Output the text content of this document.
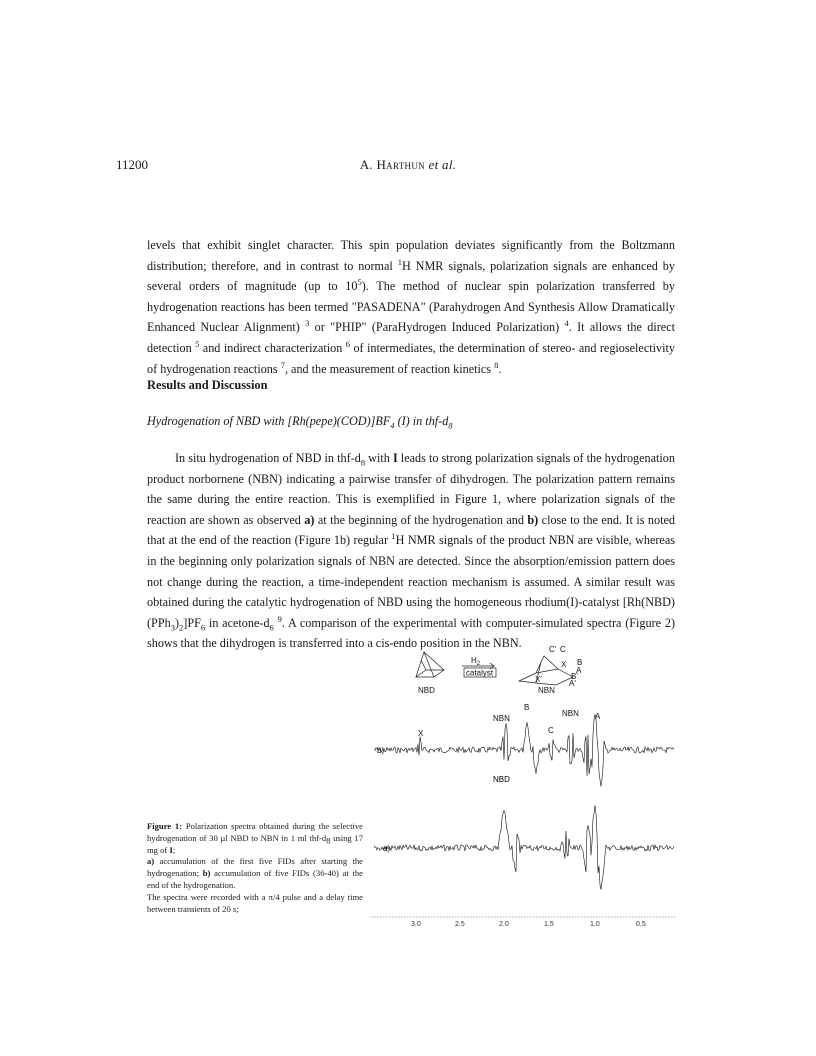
11200	A. Harthun et al.

levels that exhibit singlet character. This spin population deviates significantly from the Boltzmann distribution; therefore, and in contrast to normal $^1$H NMR signals, polarization signals are enhanced by several orders of magnitude (up to $10^5$). The method of nuclear spin polarization transferred by hydrogenation reactions has been termed "PASADENA" (Parahydrogen And Synthesis Allow Dramatically Enhanced Nuclear Alignment) $^3$ or "PHIP" (ParaHydrogen Induced Polarization) $^4$. It allows the direct detection $^5$ and indirect characterization $^6$ of intermediates, the determination of stereo- and regioselectivity of hydrogenation reactions $^7$, and the measurement of reaction kinetics $^8$.

Results and Discussion
Hydrogenation of NBD with $[Rh(pepe)(COD)]BF_4$ (I) in thf-$d_8$

In situ hydrogenation of NBD in thf-$d_8$ with I leads to strong polarization signals of the hydrogenation product norbornene (NBN) indicating a pairwise transfer of dihydrogen. The polarization pattern remains the same during the entire reaction. This is exemplified in Figure 1, where polarization signals of the reaction are shown as observed a) at the beginning of the hydrogenation and b) close to the end. It is noted that at the end of the reaction (Figure 1b) regular $^1$H NMR signals of the product NBN are visible, whereas in the beginning only polarization signals of NBN are detected. Since the absorption/emission pattern does not change during the reaction, a time-independent reaction mechanism is assumed. A similar result was obtained during the catalytic hydrogenation of NBD using the homogeneous rhodium(I)-catalyst $[Rh(NBD)(PPh_3)_2]PF_6$ in acetone-$d_6$ $^9$. A comparison of the experimental with computer-simulated spectra (Figure 2) shows that the dihydrogen is transferred into a cis-endo position in the NBN.

Figure 1: Polarization spectra obtained during the selective hydrogenation of 30 µl NBD to NBN in 1 ml thf-$d_8$ using 17 mg of I;

a) accumulation of the first five FIDs after starting the hydrogenation; b) accumulation of five FIDs (36-40) at the end of the hydrogenation.

The spectra were recorded with a π/4 pulse and a delay time between transients of 20 s;

$H_2$
catalyst
NBD	NBN
C' C
X B
A
B'
X'	A'
b)
X
NBN
B
C
NBN A
a)
NBD
3.0	2.5	2.0	1.5	1.0	0.5
